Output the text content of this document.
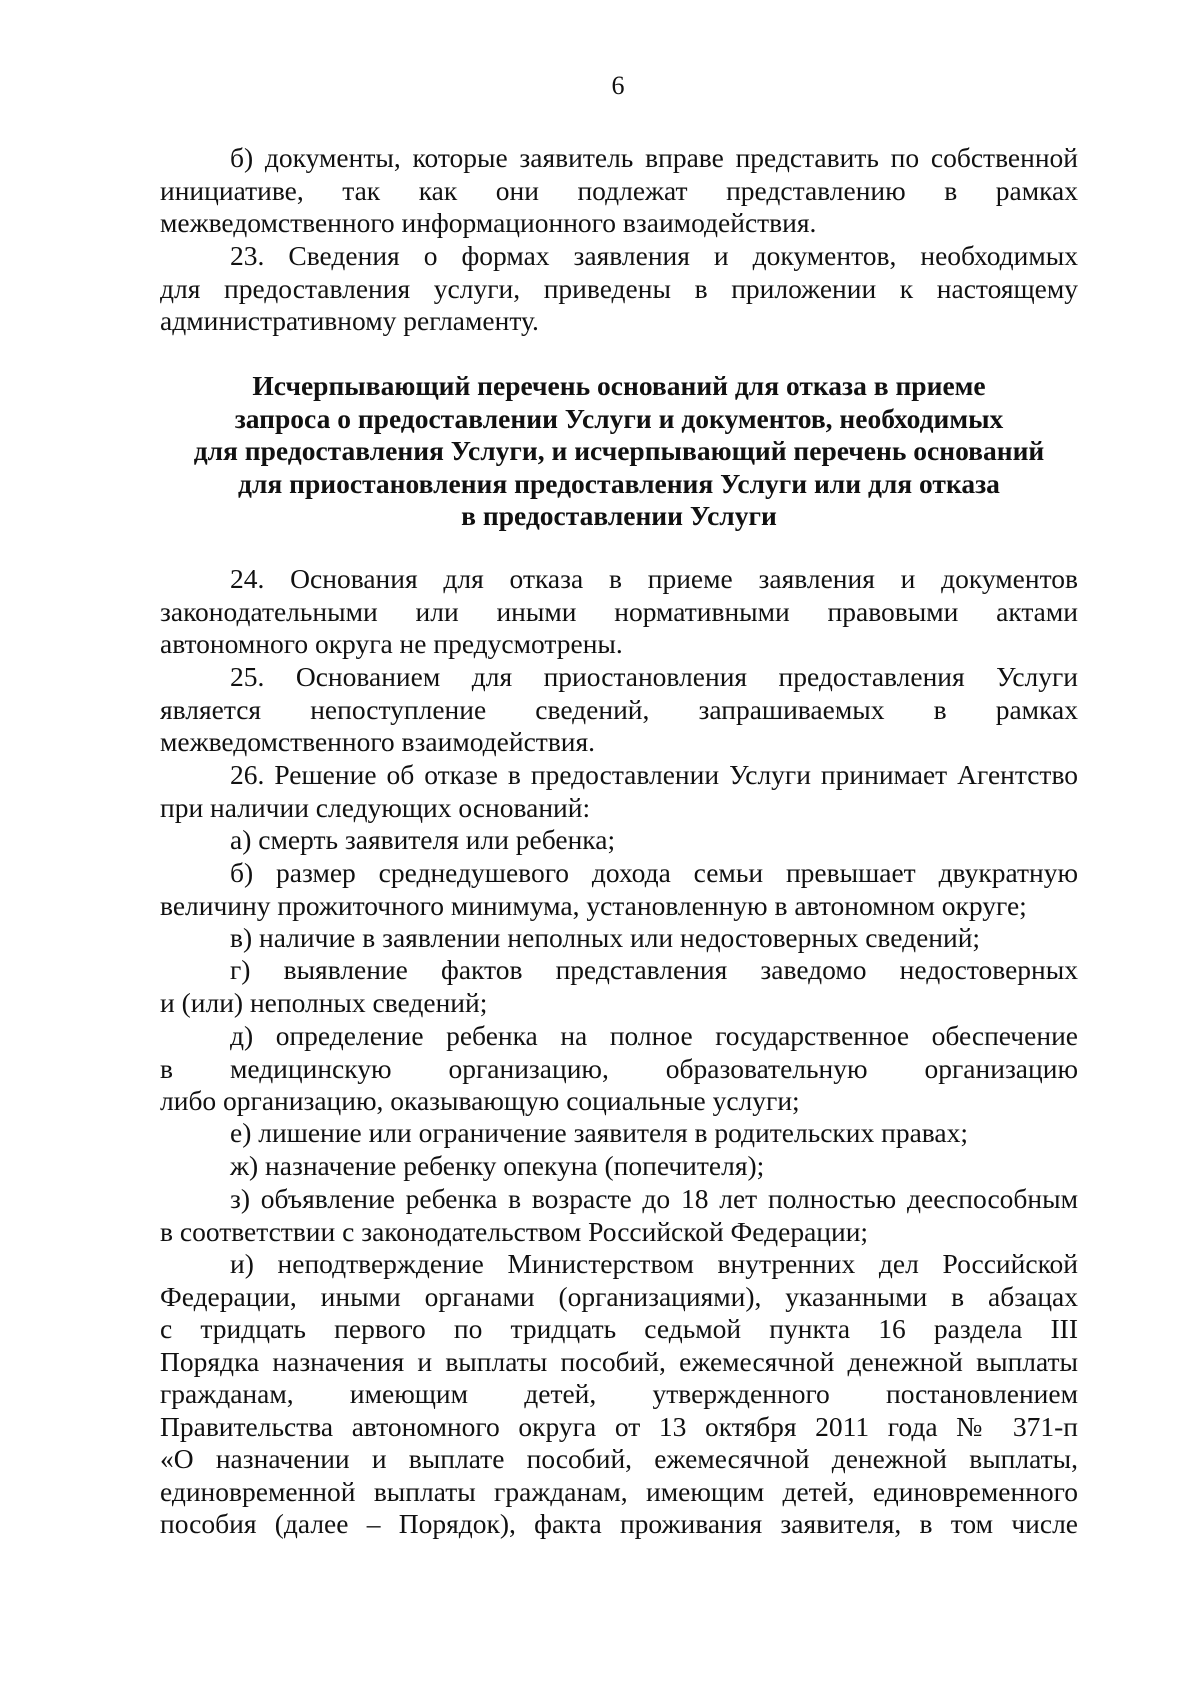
6
б) документы, которые заявитель вправе представить по собственной
инициативе, так как они подлежат представлению в рамках
межведомственного информационного взаимодействия.
23. Сведения о формах заявления и документов, необходимых
для предоставления услуги, приведены в приложении к настоящему
административному регламенту.
Исчерпывающий перечень оснований для отказа в приеме
запроса о предоставлении Услуги и документов, необходимых
для предоставления Услуги, и исчерпывающий перечень оснований
для приостановления предоставления Услуги или для отказа
в предоставлении Услуги
24. Основания для отказа в приеме заявления и документов
законодательными или иными нормативными правовыми актами
автономного округа не предусмотрены.
25. Основанием для приостановления предоставления Услуги
является непоступление сведений, запрашиваемых в рамках
межведомственного взаимодействия.
26. Решение об отказе в предоставлении Услуги принимает Агентство
при наличии следующих оснований:
а) смерть заявителя или ребенка;
б) размер среднедушевого дохода семьи превышает двукратную
величину прожиточного минимума, установленную в автономном округе;
в) наличие в заявлении неполных или недостоверных сведений;
г) выявление фактов представления заведомо недостоверных
и (или) неполных сведений;
д) определение ребенка на полное государственное обеспечение
в медицинскую организацию, образовательную организацию
либо организацию, оказывающую социальные услуги;
е) лишение или ограничение заявителя в родительских правах;
ж) назначение ребенку опекуна (попечителя);
з) объявление ребенка в возрасте до 18 лет полностью дееспособным
в соответствии с законодательством Российской Федерации;
и) неподтверждение Министерством внутренних дел Российской
Федерации, иными органами (организациями), указанными в абзацах
с тридцать первого по тридцать седьмой пункта 16 раздела III
Порядка назначения и выплаты пособий, ежемесячной денежной выплаты
гражданам, имеющим детей, утвержденного постановлением
Правительства автономного округа от 13 октября 2011 года № 371-п
«О назначении и выплате пособий, ежемесячной денежной выплаты,
единовременной выплаты гражданам, имеющим детей, единовременного
пособия (далее – Порядок), факта проживания заявителя, в том числе
